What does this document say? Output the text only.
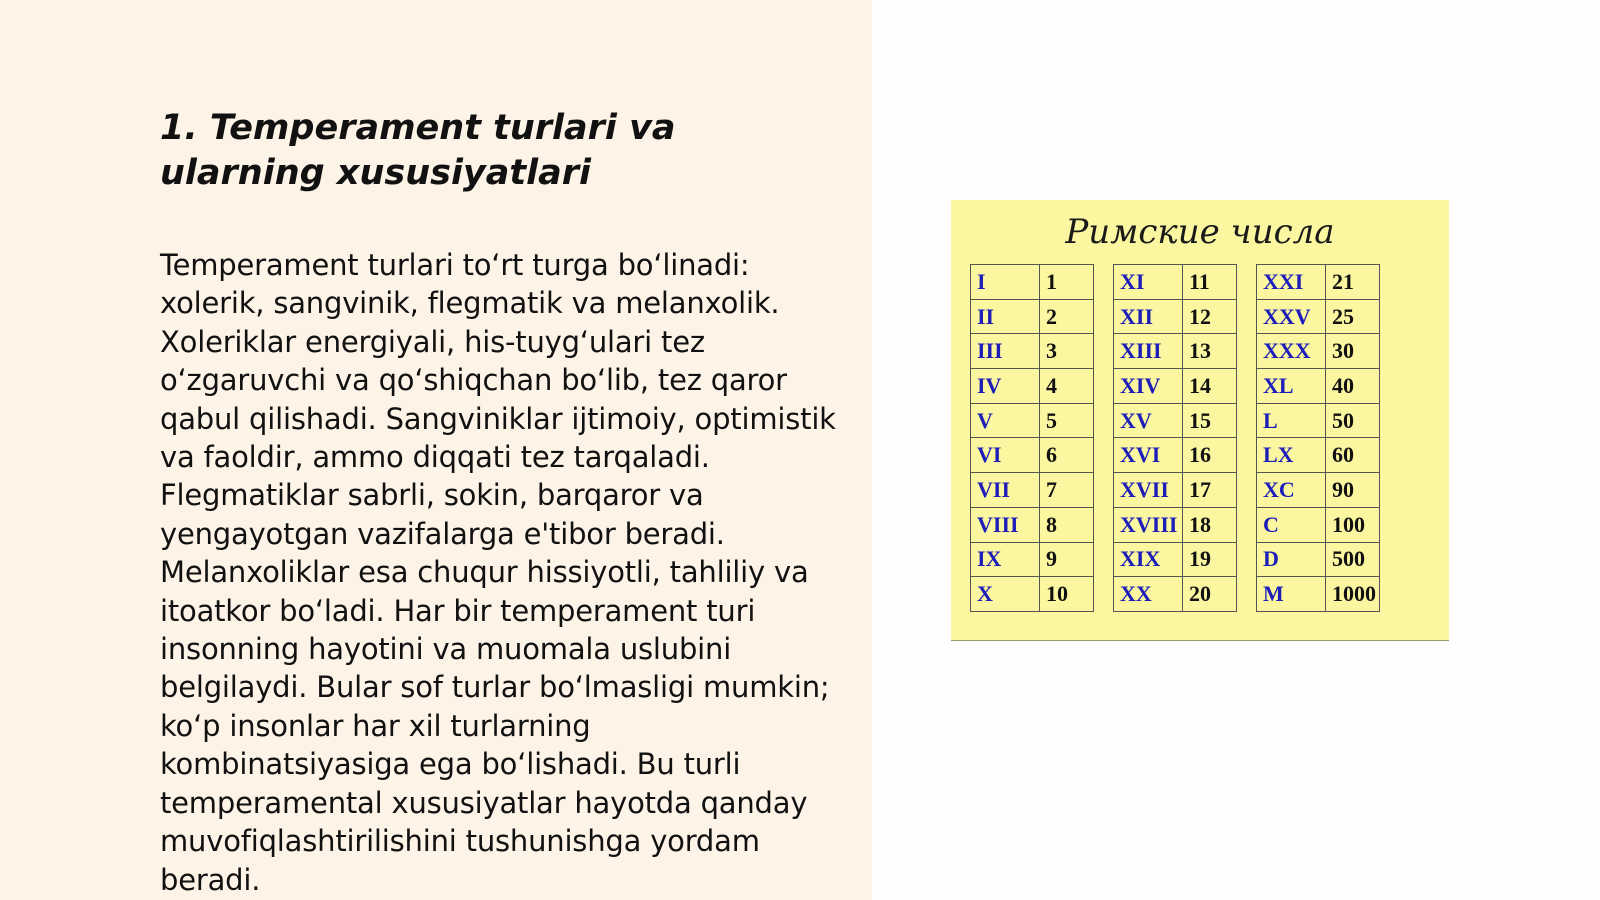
1. Temperament turlari va ularning xususiyatlari

Temperament turlari to‘rt turga bo‘linadi: xolerik, sangvinik, flegmatik va melanxolik. Xoleriklar energiyali, his-tuyg‘ulari tez o‘zgaruvchi va qo‘shiqchan bo‘lib, tez qaror qabul qilishadi. Sangviniklar ijtimoiy, optimistik va faoldir, ammo diqqati tez tarqaladi. Flegmatiklar sabrli, sokin, barqaror va yengayotgan vazifalarga e'tibor beradi. Melanxoliklar esa chuqur hissiyotli, tahliliy va itoatkor bo‘ladi. Har bir temperament turi insonning hayotini va muomala uslubini belgilaydi. Bular sof turlar bo‘lmasligi mumkin; ko‘p insonlar har xil turlarning kombinatsiyasiga ega bo‘lishadi. Bu turli temperamental xususiyatlar hayotda qanday muvofiqlashtirilishini tushunishga yordam beradi.

Римские числа
I	1		XI	11		XXI	21
II	2		XII	12		XXV	25
III	3		XIII	13		XXX	30
IV	4		XIV	14		XL	40
V	5		XV	15		L	50
VI	6		XVI	16		LX	60
VII	7		XVII	17		XC	90
VIII	8		XVIII	18		C	100
IX	9		XIX	19		D	500
X	10		XX	20		M	1000
